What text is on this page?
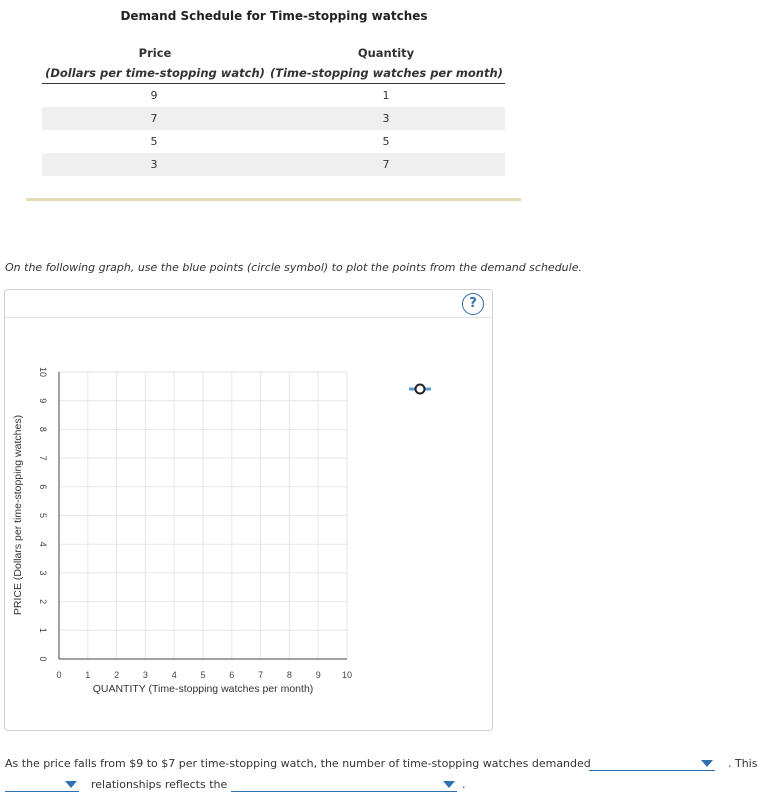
Demand Schedule for Time-stopping watches
Price
(Dollars per time-stopping watch)
Quantity
(Time-stopping watches per month)
9	1
7	3
5	5
3	7
On the following graph, use the blue points (circle symbol) to plot the points from the demand schedule.
?
0	1	2	3	4	5	6	7	8	9 10
0
1
2
3
4
5
6
7
8
9
10
QUANTITY (Time-stopping watches per month)
PRICE (Dollars per time-stopping watches)
As the price falls from $9 to $7 per time-stopping watch, the number of time-stopping watches demanded	. This
relationships reflects the	.
